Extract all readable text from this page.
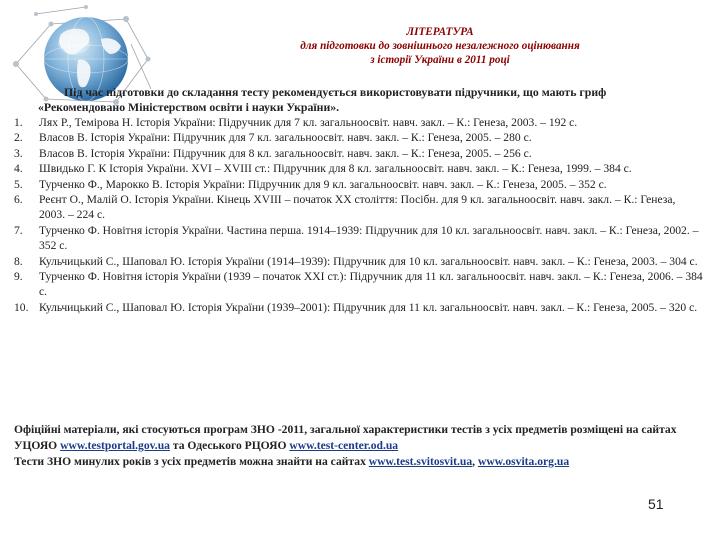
ЛІТЕРАТУРА
для підготовки до зовнішнього незалежного оцінювання
з історії України в 2011 році
Під час підготовки до складання тесту рекомендується використовувати підручники, що мають гриф
«Рекомендовано Міністерством освіти і науки України».
1.	Лях Р., Темірова Н. Історія України: Підручник для 7 кл. загальноосвіт. навч. закл. – К.: Генеза, 2003. – 192 с.
2.	Власов В. Історія України: Підручник для 7 кл. загальноосвіт. навч. закл. – К.: Генеза, 2005. – 280 с.
3.	Власов В. Історія України: Підручник для 8 кл. загальноосвіт. навч. закл. – К.: Генеза, 2005. – 256 с.
4.	Швидько Г. К Історія України. XVI – XVIII ст.: Підручник для 8 кл. загальноосвіт. навч. закл. – К.: Генеза, 1999. – 384 с.
5.	Турченко Ф., Марокко В. Історія України: Підручник для 9 кл. загальноосвіт. навч. закл. – К.: Генеза, 2005. – 352 с.
6.	Реєнт О., Малій О. Історія України. Кінець XVIII – початок XX століття: Посібн. для 9 кл. загальноосвіт. навч. закл. – К.: Генеза, 2003. – 224 с.
7.	Турченко Ф. Новітня історія України. Частина перша. 1914–1939: Підручник для 10 кл. загальноосвіт. навч. закл. – К.: Генеза, 2002. – 352 с.
8.	Кульчицький С., Шаповал Ю. Історія України (1914–1939): Підручник для 10 кл. загальноосвіт. навч. закл. – К.: Генеза, 2003. – 304 с.
9.	Турченко Ф. Новітня історія України (1939 – початок XXI ст.): Підручник для 11 кл. загальноосвіт. навч. закл. – К.: Генеза, 2006. – 384 с.
10. Кульчицький С., Шаповал Ю. Історія України (1939–2001): Підручник для 11 кл. загальноосвіт. навч. закл. – К.: Генеза, 2005. – 320 с.
Офіційні матеріали, які стосуються програм ЗНО -2011, загальної характеристики тестів з усіх предметів розміщені на сайтах УЦОЯО www.testportal.gov.ua та Одеського РЦОЯО www.test-center.od.ua
Тести ЗНО минулих років з усіх предметів можна знайти на сайтах www.test.svitosvit.ua, www.osvita.org.ua
51
